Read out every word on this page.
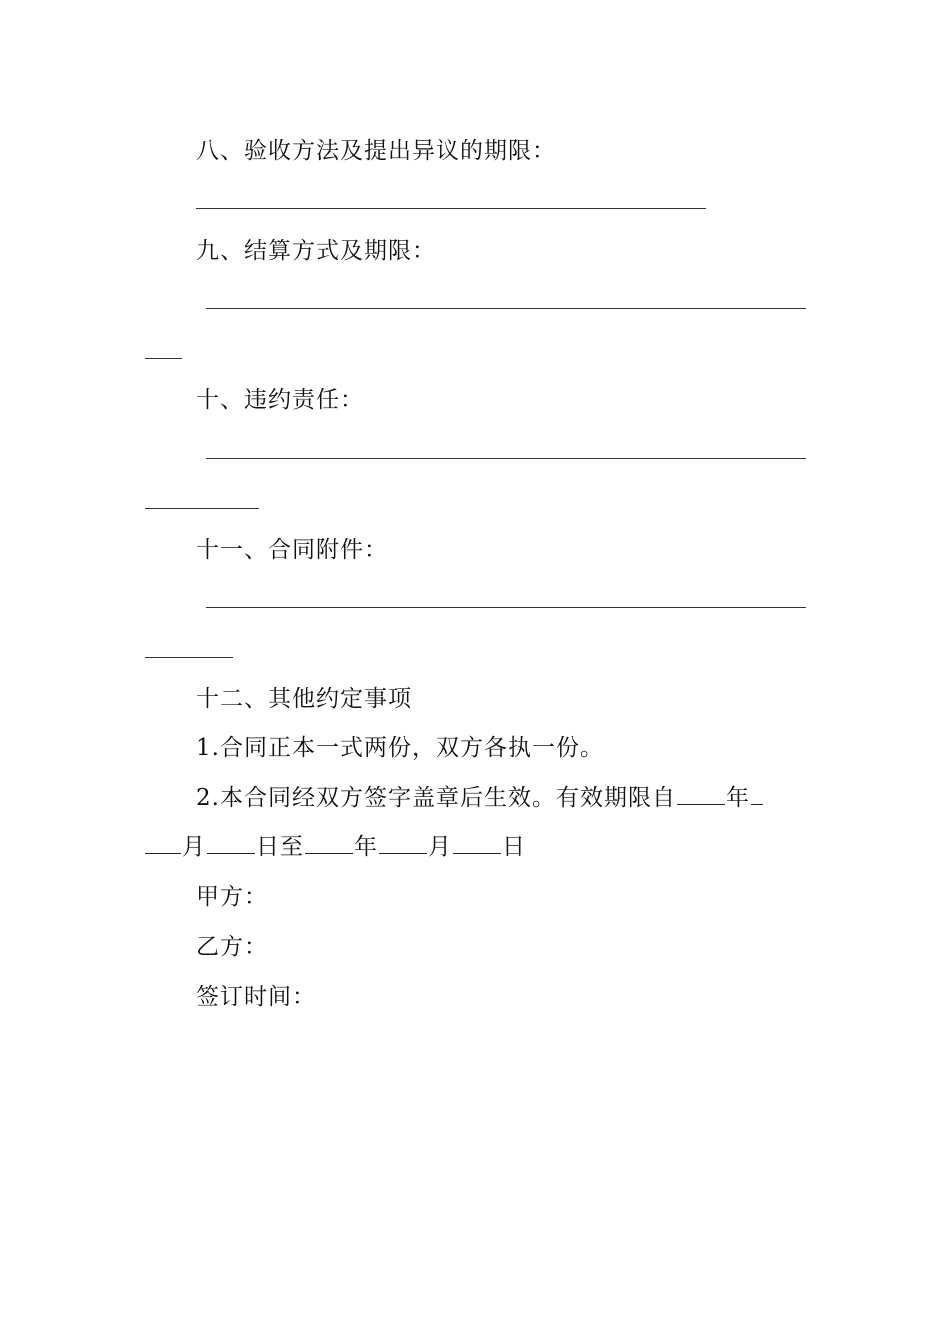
八、验收方法及提出异议的期限：
九、结算方式及期限：
十、违约责任：
十一、合同附件：
十二、其他约定事项
1.合同正本一式两份，双方各执一份。
2.本合同经双方签字盖章后生效。有效期限自 年
月 日至 年 月 日
甲方：
乙方：
签订时间：
